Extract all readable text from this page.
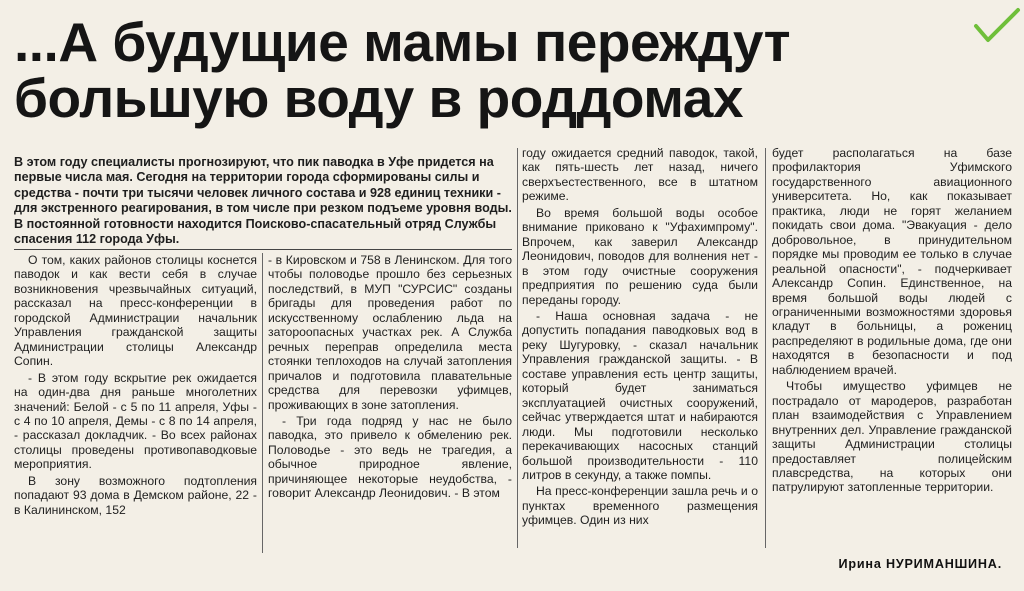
...А будущие мамы переждут
большую воду в роддомах

В этом году специалисты прогнозируют, что пик паводка в Уфе придется на первые числа мая. Сегодня на территории города сформированы силы и средства - почти три тысячи человек личного состава и 928 единиц техники - для экстренного реагирования, в том числе при резком подъеме уровня воды. В постоянной готовности находится Поисково-спасательный отряд Службы спасения 112 города Уфы.

О том, каких районов столицы коснется паводок и как вести себя в случае возникновения чрезвычайных ситуаций, рассказал на пресс-конференции в городской Администрации начальник Управления гражданской защиты Администрации столицы Александр Сопин.

- В этом году вскрытие рек ожидается на один-два дня раньше многолетних значений: Белой - с 5 по 11 апреля, Уфы - с 4 по 10 апреля, Демы - с 8 по 14 апреля, - рассказал докладчик. - Во всех районах столицы проведены противопаводковые мероприятия.

В зону возможного подтопления попадают 93 дома в Демском районе, 22 - в Калининском, 152

- в Кировском и 758 в Ленинском. Для того чтобы половодье прошло без серьезных последствий, в МУП "СУРСИС" созданы бригады для проведения работ по искусственному ослаблению льда на затороопасных участках рек. А Служба речных переправ определила места стоянки теплоходов на случай затопления причалов и подготовила плавательные средства для перевозки уфимцев, проживающих в зоне затопления.

- Три года подряд у нас не было паводка, это привело к обмелению рек. Половодье - это ведь не трагедия, а обычное природное явление, причиняющее некоторые неудобства, - говорит Александр Леонидович. - В этом

году ожидается средний паводок, такой, как пять-шесть лет назад, ничего сверхъестественного, все в штатном режиме.

Во время большой воды особое внимание приковано к "Уфахимпрому". Впрочем, как заверил Александр Леонидович, поводов для волнения нет - в этом году очистные сооружения предприятия по решению суда были переданы городу.

- Наша основная задача - не допустить попадания паводковых вод в реку Шугуровку, - сказал начальник Управления гражданской защиты. - В составе управления есть центр защиты, который будет заниматься эксплуатацией очистных сооружений, сейчас утверждается штат и набираются люди. Мы подготовили несколько перекачивающих насосных станций большой производительности - 110 литров в секунду, а также помпы.

На пресс-конференции зашла речь и о пунктах временного размещения уфимцев. Один из них

будет располагаться на базе профилактория Уфимского государственного авиационного университета. Но, как показывает практика, люди не горят желанием покидать свои дома. "Эвакуация - дело добровольное, в принудительном порядке мы проводим ее только в случае реальной опасности", - подчеркивает Александр Сопин. Единственное, на время большой воды людей с ограниченными возможностями здоровья кладут в больницы, а рожениц распределяют в родильные дома, где они находятся в безопасности и под наблюдением врачей.

Чтобы имущество уфимцев не пострадало от мародеров, разработан план взаимодействия с Управлением внутренних дел. Управление гражданской защиты Администрации столицы предоставляет полицейским плавсредства, на которых они патрулируют затопленные территории.

Ирина НУРИМАНШИНА.
